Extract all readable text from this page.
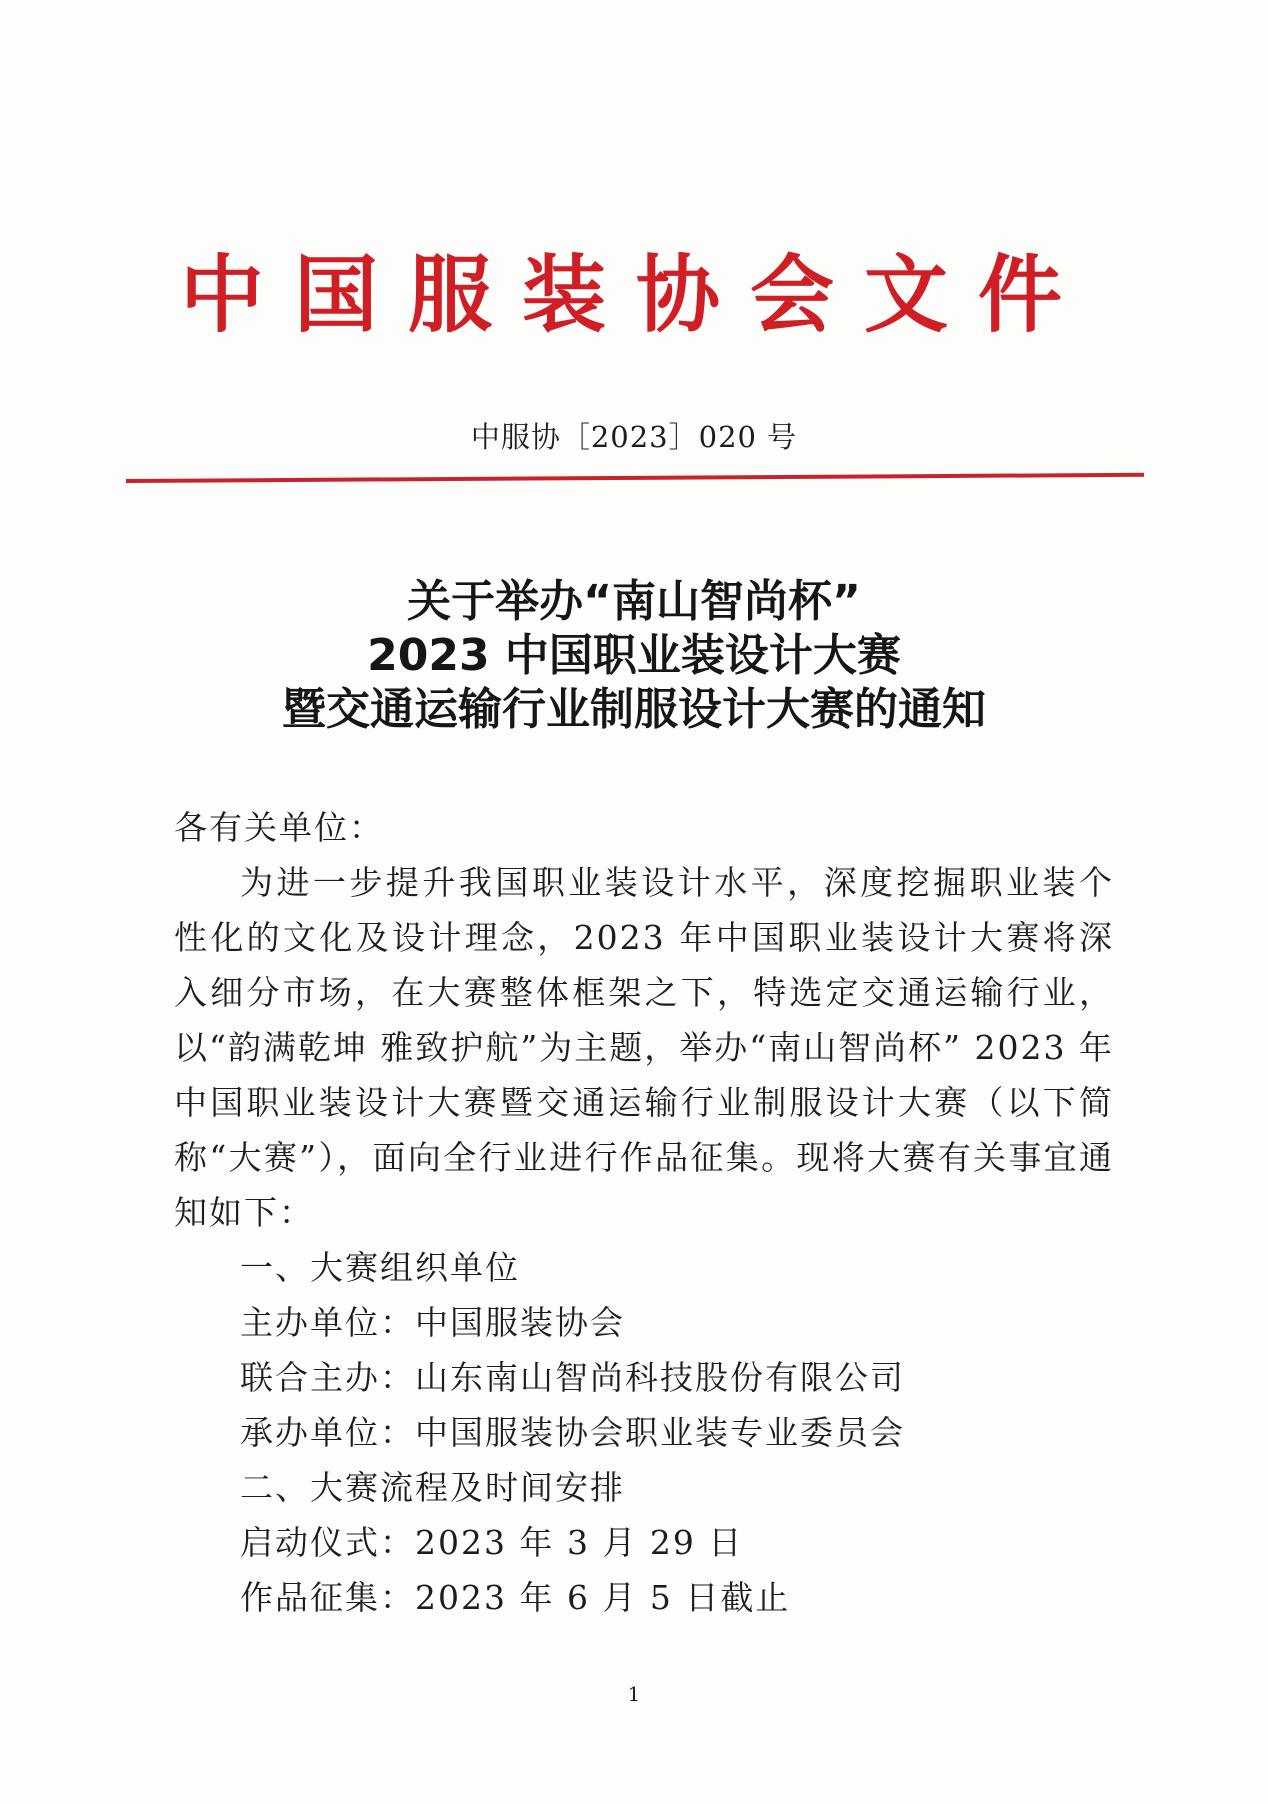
中国服装协会文件
中服协［2023］020 号
关于举办“南山智尚杯”
2023 中国职业装设计大赛
暨交通运输行业制服设计大赛的通知

各有关单位：

为进一步提升我国职业装设计水平，深度挖掘职业装个性化的文化及设计理念，2023 年中国职业装设计大赛将深入细分市场，在大赛整体框架之下，特选定交通运输行业，以“韵满乾坤 雅致护航”为主题，举办“南山智尚杯” 2023 年中国职业装设计大赛暨交通运输行业制服设计大赛（以下简称“大赛”），面向全行业进行作品征集。现将大赛有关事宜通知如下：

一、大赛组织单位

主办单位：中国服装协会

联合主办：山东南山智尚科技股份有限公司

承办单位：中国服装协会职业装专业委员会

二、大赛流程及时间安排

启动仪式：2023 年 3 月 29 日

作品征集：2023 年 6 月 5 日截止

1
